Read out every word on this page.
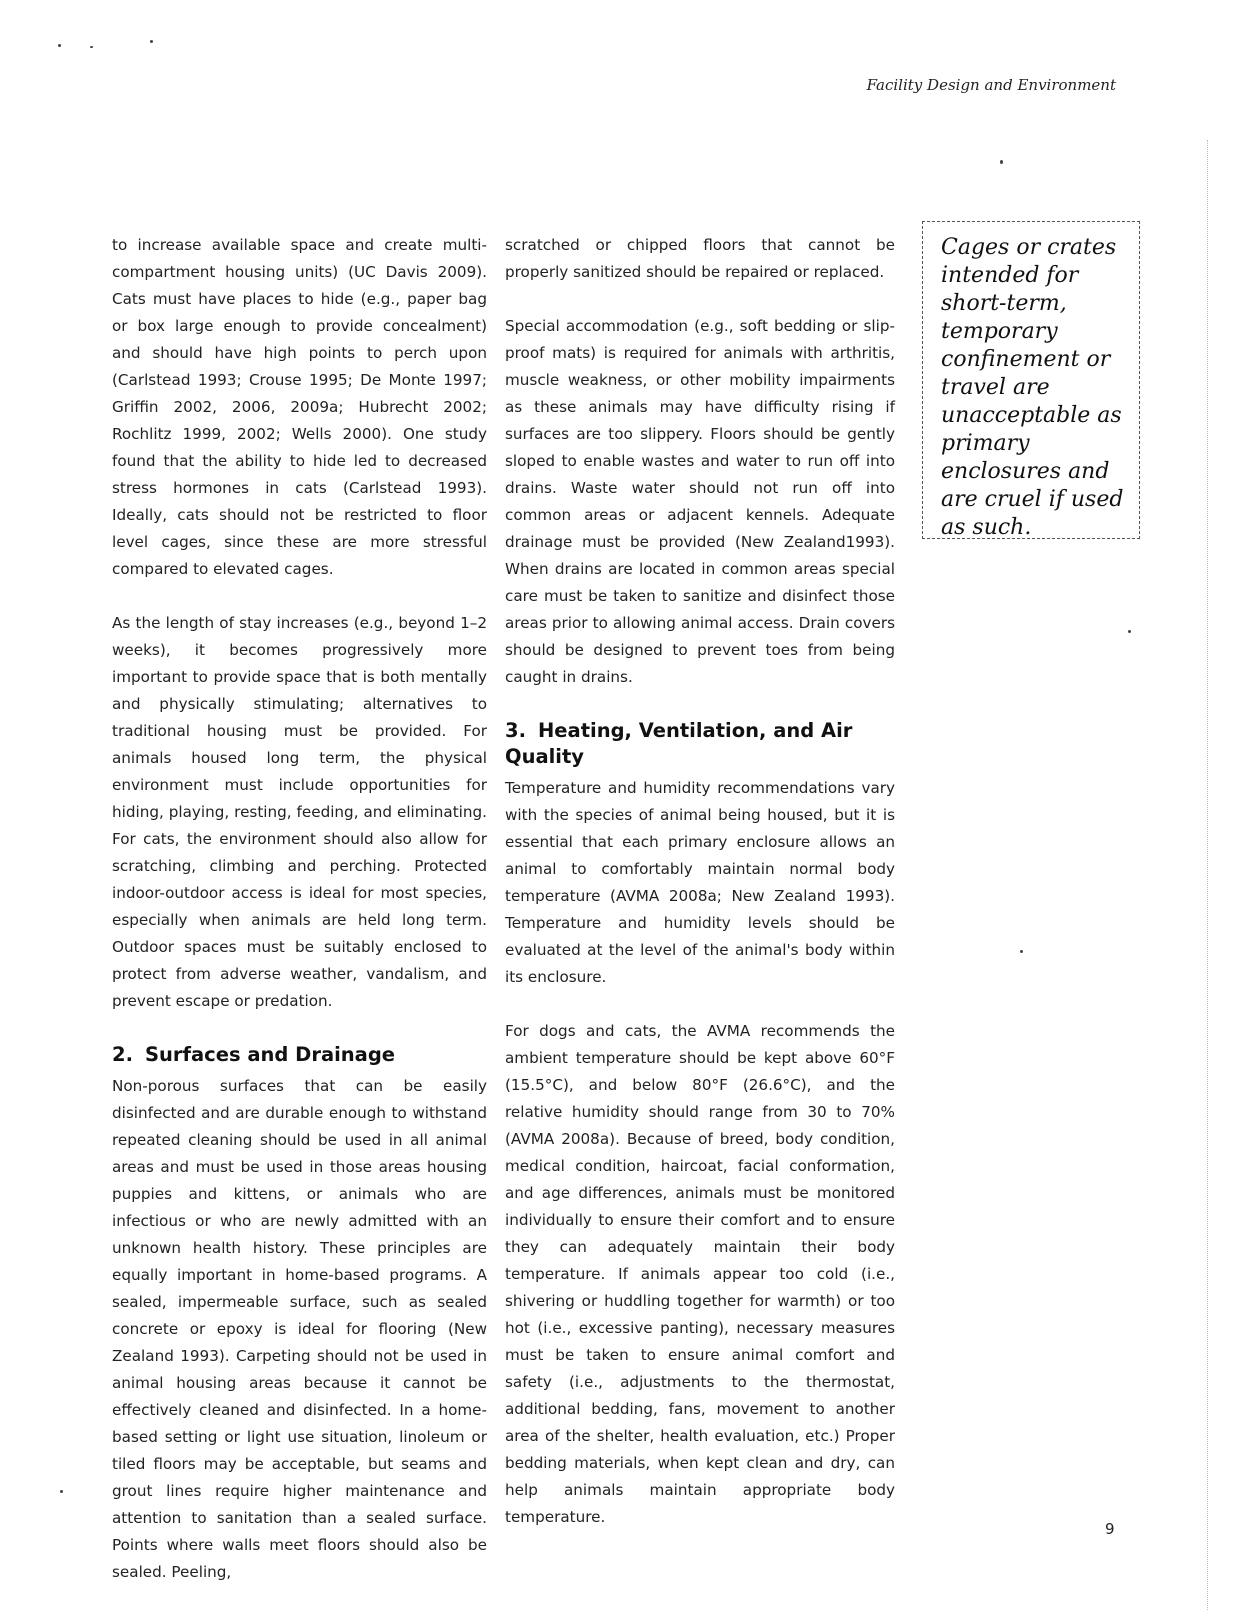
Facility Design and Environment

to increase available space and create multi-compartment housing units) (UC Davis 2009). Cats must have places to hide (e.g., paper bag or box large enough to provide concealment) and should have high points to perch upon (Carlstead 1993; Crouse 1995; De Monte 1997; Griffin 2002, 2006, 2009a; Hubrecht 2002; Rochlitz 1999, 2002; Wells 2000). One study found that the ability to hide led to decreased stress hormones in cats (Carlstead 1993). Ideally, cats should not be restricted to floor level cages, since these are more stressful compared to elevated cages.

As the length of stay increases (e.g., beyond 1–2 weeks), it becomes progressively more important to provide space that is both mentally and physically stimulating; alternatives to traditional housing must be provided. For animals housed long term, the physical environment must include opportunities for hiding, playing, resting, feeding, and eliminating. For cats, the environment should also allow for scratching, climbing and perching. Protected indoor-outdoor access is ideal for most species, especially when animals are held long term. Outdoor spaces must be suitably enclosed to protect from adverse weather, vandalism, and prevent escape or predation.

2. Surfaces and Drainage

Non-porous surfaces that can be easily disinfected and are durable enough to withstand repeated cleaning should be used in all animal areas and must be used in those areas housing puppies and kittens, or animals who are infectious or who are newly admitted with an unknown health history. These principles are equally important in home-based programs. A sealed, impermeable surface, such as sealed concrete or epoxy is ideal for flooring (New Zealand 1993). Carpeting should not be used in animal housing areas because it cannot be effectively cleaned and disinfected. In a home-based setting or light use situation, linoleum or tiled floors may be acceptable, but seams and grout lines require higher maintenance and attention to sanitation than a sealed surface. Points where walls meet floors should also be sealed. Peeling,

scratched or chipped floors that cannot be properly sanitized should be repaired or replaced.

Special accommodation (e.g., soft bedding or slip-proof mats) is required for animals with arthritis, muscle weakness, or other mobility impairments as these animals may have difficulty rising if surfaces are too slippery. Floors should be gently sloped to enable wastes and water to run off into drains. Waste water should not run off into common areas or adjacent kennels. Adequate drainage must be provided (New Zealand1993). When drains are located in common areas special care must be taken to sanitize and disinfect those areas prior to allowing animal access. Drain covers should be designed to prevent toes from being caught in drains.

3. Heating, Ventilation, and Air Quality

Temperature and humidity recommendations vary with the species of animal being housed, but it is essential that each primary enclosure allows an animal to comfortably maintain normal body temperature (AVMA 2008a; New Zealand 1993). Temperature and humidity levels should be evaluated at the level of the animal's body within its enclosure.

For dogs and cats, the AVMA recommends the ambient temperature should be kept above 60°F (15.5°C), and below 80°F (26.6°C), and the relative humidity should range from 30 to 70% (AVMA 2008a). Because of breed, body condition, medical condition, haircoat, facial conformation, and age differences, animals must be monitored individually to ensure their comfort and to ensure they can adequately maintain their body temperature. If animals appear too cold (i.e., shivering or huddling together for warmth) or too hot (i.e., excessive panting), necessary measures must be taken to ensure animal comfort and safety (i.e., adjustments to the thermostat, additional bedding, fans, movement to another area of the shelter, health evaluation, etc.) Proper bedding materials, when kept clean and dry, can help animals maintain appropriate body temperature.

Cages or crates intended for short-term, temporary confinement or travel are unacceptable as primary enclosures and are cruel if used as such.
9
